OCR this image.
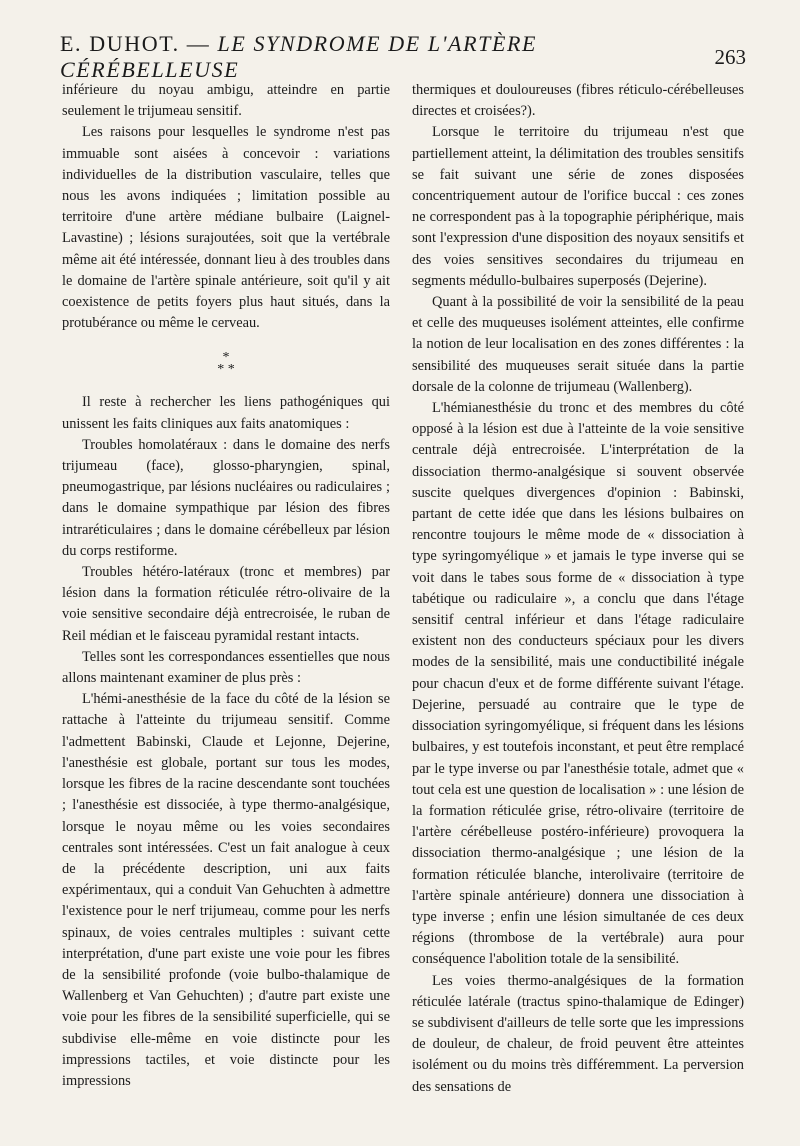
E. DUHOT. — LE SYNDROME DE L'ARTÈRE CÉRÉBELLEUSE
263

inférieure du noyau ambigu, atteindre en partie seulement le trijumeau sensitif.

Les raisons pour lesquelles le syndrome n'est pas immuable sont aisées à concevoir : variations individuelles de la distribution vasculaire, telles que nous les avons indiquées ; limitation possible au territoire d'une artère médiane bulbaire (Laignel-Lavastine) ; lésions surajoutées, soit que la vertébrale même ait été intéressée, donnant lieu à des troubles dans le domaine de l'artère spinale antérieure, soit qu'il y ait coexistence de petits foyers plus haut situés, dans la protubérance ou même le cerveau.

*
* *

Il reste à rechercher les liens pathogéniques qui unissent les faits cliniques aux faits anatomiques :

Troubles homolatéraux : dans le domaine des nerfs trijumeau (face), glosso-pharyngien, spinal, pneumogastrique, par lésions nucléaires ou radiculaires ; dans le domaine sympathique par lésion des fibres intraréticulaires ; dans le domaine cérébelleux par lésion du corps restiforme.

Troubles hétéro-latéraux (tronc et membres) par lésion dans la formation réticulée rétro-olivaire de la voie sensitive secondaire déjà entrecroisée, le ruban de Reil médian et le faisceau pyramidal restant intacts.

Telles sont les correspondances essentielles que nous allons maintenant examiner de plus près :

L'hémi-anesthésie de la face du côté de la lésion se rattache à l'atteinte du trijumeau sensitif. Comme l'admettent Babinski, Claude et Lejonne, Dejerine, l'anesthésie est globale, portant sur tous les modes, lorsque les fibres de la racine descendante sont touchées ; l'anesthésie est dissociée, à type thermo-analgésique, lorsque le noyau même ou les voies secondaires centrales sont intéressées. C'est un fait analogue à ceux de la précédente description, uni aux faits expérimentaux, qui a conduit Van Gehuchten à admettre l'existence pour le nerf trijumeau, comme pour les nerfs spinaux, de voies centrales multiples : suivant cette interprétation, d'une part existe une voie pour les fibres de la sensibilité profonde (voie bulbo-thalamique de Wallenberg et Van Gehuchten) ; d'autre part existe une voie pour les fibres de la sensibilité superficielle, qui se subdivise elle-même en voie distincte pour les impressions tactiles, et voie distincte pour les impressions

thermiques et douloureuses (fibres réticulo-cérébelleuses directes et croisées?).

Lorsque le territoire du trijumeau n'est que partiellement atteint, la délimitation des troubles sensitifs se fait suivant une série de zones disposées concentriquement autour de l'orifice buccal : ces zones ne correspondent pas à la topographie périphérique, mais sont l'expression d'une disposition des noyaux sensitifs et des voies sensitives secondaires du trijumeau en segments médullo-bulbaires superposés (Dejerine).

Quant à la possibilité de voir la sensibilité de la peau et celle des muqueuses isolément atteintes, elle confirme la notion de leur localisation en des zones différentes : la sensibilité des muqueuses serait située dans la partie dorsale de la colonne de trijumeau (Wallenberg).

L'hémianesthésie du tronc et des membres du côté opposé à la lésion est due à l'atteinte de la voie sensitive centrale déjà entrecroisée. L'interprétation de la dissociation thermo-analgésique si souvent observée suscite quelques divergences d'opinion : Babinski, partant de cette idée que dans les lésions bulbaires on rencontre toujours le même mode de « dissociation à type syringomyélique » et jamais le type inverse qui se voit dans le tabes sous forme de « dissociation à type tabétique ou radiculaire », a conclu que dans l'étage sensitif central inférieur et dans l'étage radiculaire existent non des conducteurs spéciaux pour les divers modes de la sensibilité, mais une conductibilité inégale pour chacun d'eux et de forme différente suivant l'étage. Dejerine, persuadé au contraire que le type de dissociation syringomyélique, si fréquent dans les lésions bulbaires, y est toutefois inconstant, et peut être remplacé par le type inverse ou par l'anesthésie totale, admet que « tout cela est une question de localisation » : une lésion de la formation réticulée grise, rétro-olivaire (territoire de l'artère cérébelleuse postéro-inférieure) provoquera la dissociation thermo-analgésique ; une lésion de la formation réticulée blanche, interolivaire (territoire de l'artère spinale antérieure) donnera une dissociation à type inverse ; enfin une lésion simultanée de ces deux régions (thrombose de la vertébrale) aura pour conséquence l'abolition totale de la sensibilité.

Les voies thermo-analgésiques de la formation réticulée latérale (tractus spino-thalamique de Edinger) se subdivisent d'ailleurs de telle sorte que les impressions de douleur, de chaleur, de froid peuvent être atteintes isolément ou du moins très différemment. La perversion des sensations de
